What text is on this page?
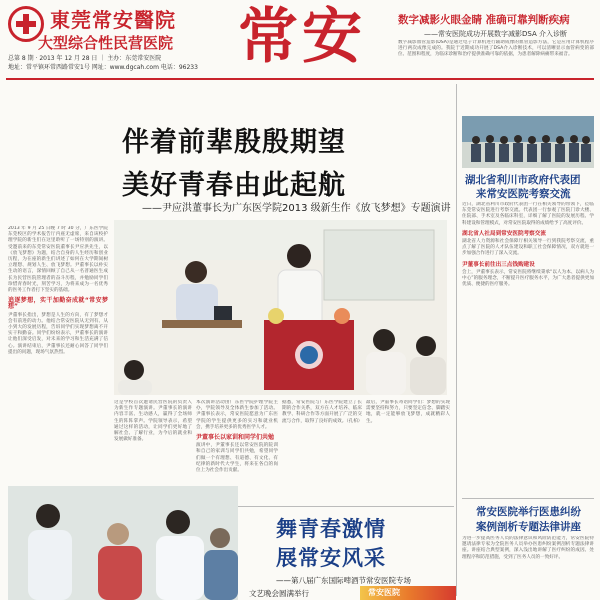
東莞常安醫院
大型综合性民营医院
总第 8 期 · 2013 年 12 月 28 日 ｜ 主办：东莞常安医院
地址：常平镇环常西路常安1号 网址：www.dgcah.com 电话：96233 常安	数字减影火眼金睛 准确可靠判断疾病
——常安医院成功开展数字减影DSA 介入诊断
数字减影血管造影(DSA)是通过电子计算机进行辅助成像的血管造影方法，它是应用计算机程序进行两次成像完成的。我院于近期成功开展了DSA介入诊断技术，可以清晰显示血管病变的部位、范围和程度，为临床诊断和治疗提供准确可靠的依据，为患者解除病痛带来福音。
伴着前辈殷殷期望
美好青春由此起航
——尹应洪董事长为广东医学院2013 级新生作《放飞梦想》专题演讲
2013 年 9 月 25 日晚 7 时 30 分，广东医学院东莞校区的学术报告厅内座无虚席，来自该校护理学院的新生们在这里聆听了一场特别的演讲。受邀前来的东莞常安医院董事长尹应洪先生，以《放飞梦想》为题，结合自身的人生经历和创业历程，为在座的新生们讲述了如何在大学期间树立理想、规划人生、放飞梦想。尹董事长以朴实生动的语言，深情回顾了自己从一名普通医生成长为民营医院管理者的奋斗历程，并勉励同学们珍惜青春时光，刻苦学习，为将来成为一名优秀的医务工作者打下坚实的基础。
追逐梦想，实干加勤奋成就“常安梦想”
尹董事长指出，梦想是人生的方向，有了梦想才会有前进的动力。他结合常安医院从无到有、从小到大的发展历程，告诉同学们实现梦想离不开实干和勤奋。同学们纷纷表示，尹董事长的演讲让他们深受启发，对未来的学习和生活充满了信心。演讲结束后，尹董事长还耐心回答了同学们提出的问题，现场气氛热烈。
这是学校首次邀请民营医院的负责人为新生作专题演讲。尹董事长的演讲内容丰富、生动感人，赢得了全场师生的阵阵掌声。学院领导表示，希望通过这样的活动，让同学们更好地了解社会、了解行业，为今后的就业和发展做好准备。
本次演讲活动由广东医学院护理学院主办，学院领导及全体新生参加了活动。尹董事长表示，常安医院愿意为广东医学院的学生提供更多的实习和就业机会，携手培养更多的优秀医学人才。
尹董事长以家训和同学们共勉
演讲中，尹董事长还以常安医院的院训和自己的家训与同学们共勉，希望同学们做一个有理想、有道德、有文化、有纪律的新时代大学生，将来在各自的岗位上为社会作出贡献。
据悉，常安医院与广东医学院建立了长期的合作关系，双方在人才培养、临床教学、科研合作等方面开展了广泛的交流与合作，取得了良好的成效。（孔柏）
最后，尹董事长寄语同学们：梦想的实现需要坚持和努力，只要坚定信念、脚踏实地，就一定能够放飞梦想，成就精彩人生。
舞青春激情
展常安风采
——第八届广东国际啤酒节常安医院专场
文艺晚会圆满举行	常安医院
湖北省利川市政府代表团
来常安医院考察交流
近日，湖北省利川市政府代表团一行在相关领导的带领下，莅临东莞常安医院进行考察交流。代表团一行参观了医院门诊大楼、住院部、手术室及各临床科室，详细了解了医院的发展历程、学科建设和管理模式，对常安医院取得的成绩给予了高度评价。
湖北省人社局到常安医院考察交流
湖北省人力资源和社会保障厅相关领导一行到我院考察交流，重点了解了医院的人才队伍建设和职工社会保障情况，双方就进一步加强合作进行了深入交流。
尹董事长前往出三点钱购建设
会上，尹董事长表示，常安医院将继续秉承“以人为本、以病人为中心”的服务理念，不断提升医疗服务水平，为广大患者提供更加优质、便捷的医疗服务。
常安医院举行医患纠纷
案例剖析专题法律讲座
为进一步提高医务人员的法律意识和风险防范能力，常安医院特邀请法律专家为全院医务人员举办医患纠纷案例剖析专题法律讲座。讲座结合典型案例，深入浅出地讲解了医疗纠纷的成因、处理程序和防范措施，受到了医务人员的一致好评。
